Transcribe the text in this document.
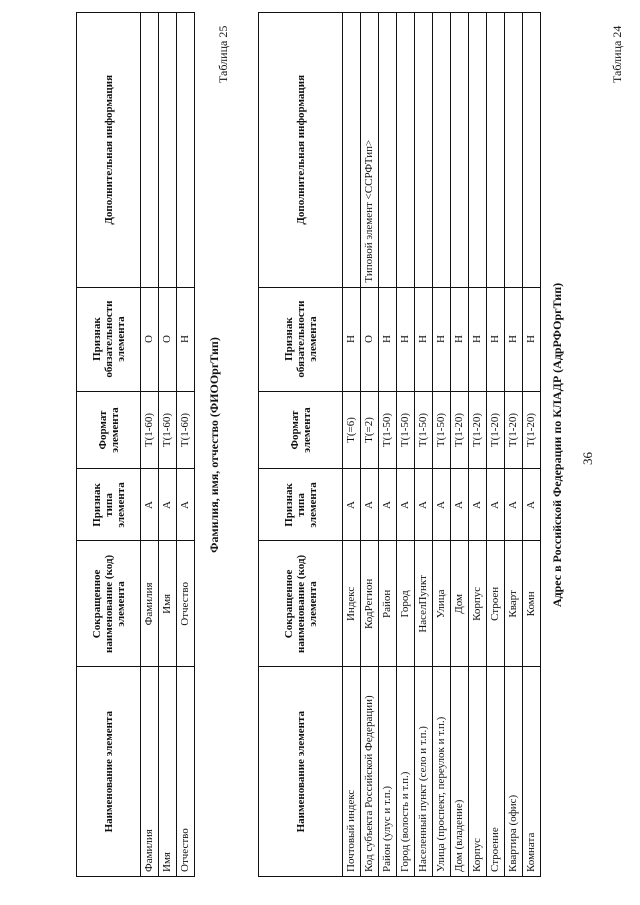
36
Таблица 24
Адрес в Российской Федерации по КЛАДР (АдрРФОргТип)
Наименование элемента	Сокращенное наименование (код) элемента	Признак типа элемента	Формат элемента	Признак обязательности элемента	Дополнительная информация
Почтовый индекс	Индекс	А	Т(=6)	Н	
Код субъекта Российской Федерации)	КодРегион	А	Т(=2)	О	Типовой элемент <ССРФТип>
Район (улус и т.п.)	Район	А	Т(1-50)	Н	
Город (волость и т.п.)	Город	А	Т(1-50)	Н	
Населенный пункт (село и т.п.)	НаселПункт	А	Т(1-50)	Н	
Улица (проспект, переулок и т.п.)	Улица	А	Т(1-50)	Н	
Дом (владение)	Дом	А	Т(1-20)	Н	
Корпус	Корпус	А	Т(1-20)	Н	
Строение	Строен	А	Т(1-20)	Н	
Квартира (офис)	Кварт	А	Т(1-20)	Н	
Комната	Комн	А	Т(1-20)	Н	
Таблица 25
Фамилия, имя, отчество (ФИООргТип)
Наименование элемента	Сокращенное наименование (код) элемента	Признак типа элемента	Формат элемента	Признак обязательности элемента	Дополнительная информация
Фамилия	Фамилия	А	Т(1-60)	О	
Имя	Имя	А	Т(1-60)	О	
Отчество	Отчество	А	Т(1-60)	Н	
